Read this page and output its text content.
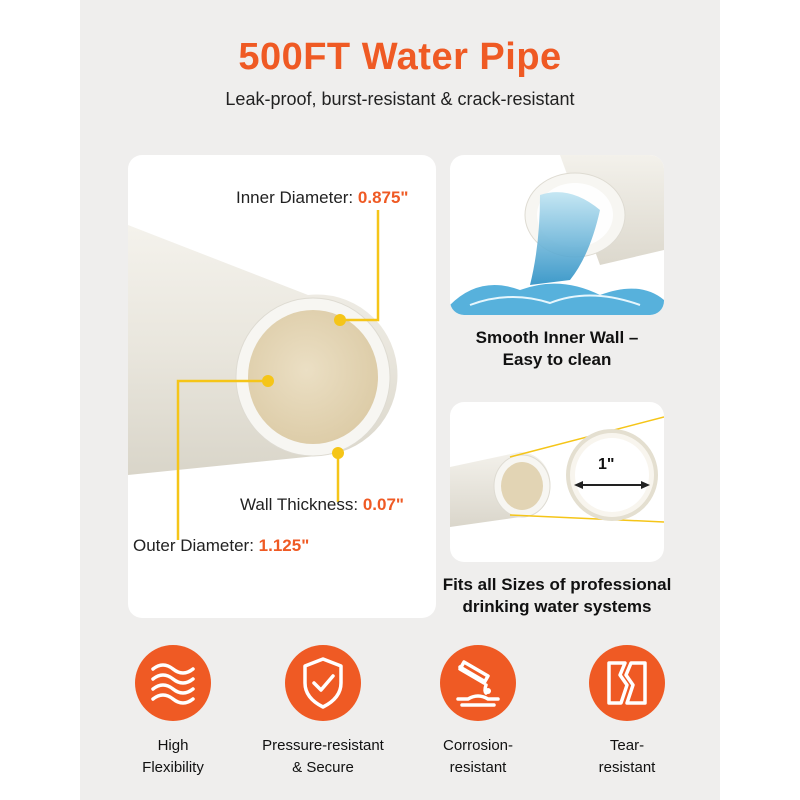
500FT Water Pipe
Leak-proof, burst-resistant & crack-resistant
Inner Diameter: 0.875"
Wall Thickness: 0.07"
Outer Diameter: 1.125"
Smooth Inner Wall –
Easy to clean
1"
Fits all Sizes of professional
drinking water systems
High
Flexibility
Pressure-resistant
& Secure
Corrosion-
resistant
Tear-
resistant
